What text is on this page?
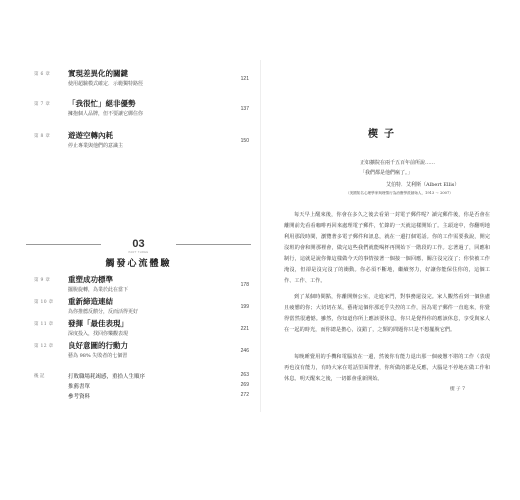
第 6 章 實現差異化的關鍵
使用超驗模式確定．示範獨特路徑
121
第 7 章 「我很忙」絕非優勢
擁抱個人品牌，但不要讓它綁住你
137
第 8 章 遊遊空轉內耗
停止專業與他們的意識主
150
03
PART THREE
觸發心流體驗
第 9 章 重塑成功標準
擺脫旋轉，為業於此在當下
178
第 10 章 重新締造連結
為你推薦反饋分，反而活得更好
199
第 11 章 發揮「最佳表現」
深度投入，找回你樂觀表現
221
第 12 章 良好意圖的行動力
藝為 98% 失敗者的七個習
246
後 記	打敗職場耗竭感，重拾人生順序	263
推薦書單	269
參考資料	272
楔子
正如擴院在兩千五百年前所說……
「我們都是他們瘋了。」
艾伯特．艾利斯（Albert Ellis）
（美國知名心理學家與理情行為治療學派創始人，1913 ～ 2007）
每天早上醒來後，你會在多久之後去看第一封電子郵件呢？讀完郵件後，你是否會在離開前先看看咖啡再回來處理電子郵件，忙錄的一天就這樣開始了。主頭途中，你翻明地利用那段時間，瀏覽著多電子郵件和訊息，就在一邊打個電話。你的工作需要我說，開完沒班的會和開那裡會，做完這些我們就能喝杯再開始下一階段的工作。忘著過了，回應和制行，這就是說你像這樣做今天的事情接著一個接一個回應，關注沒完沒了；你快被工作淹沒，但卻是沒完沒了的衝動。你必須不斷地，繼續努力，好讓你能保住你的，這個工作、工作、工作。
到了某個時間點，你離開辦公室，走進家門，對事務還沒完。家人觀然看到一個焦慮且疲憊的你；大切切在某，藝術這個你那近乎失控的工作，因為電子郵件一直進來，你覺得當然很遺憾。雖然，你知道你所上應該要休息，你只是覺得你的應該休息，享受與家人在一起的時光，而你總是擔心，沒錯了，之類的問題你只是不想擺脫它們。
每晚睡覺用的手機和電腦放在一邊，然後你有能力退出那一個疲憊不堪的工作（表現再也沒有能力，有時大家在電話里面帶著，你所做的都是反應，大腦是不停地在做工作和休息。明天醒來之後，一切都會重新開始。
楔 子 7
